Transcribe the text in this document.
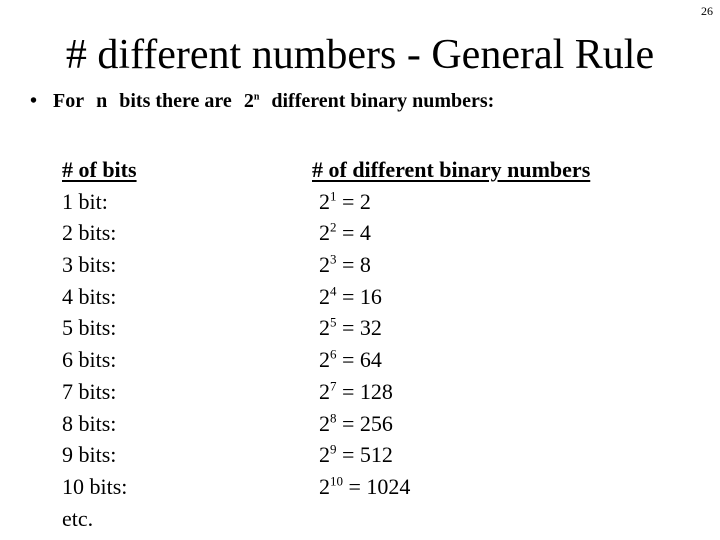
26
# different numbers - General Rule
• For n bits there are 2$^n$ different binary numbers:
# of bits
1 bit:
2 bits:
3 bits:
4 bits:
5 bits:
6 bits:
7 bits:
8 bits:
9 bits:
10 bits:
etc.
# of different binary numbers
$2^1 = 2$
$2^2 = 4$
$2^3 = 8$
$2^4 = 16$
$2^5 = 32$
$2^6 = 64$
$2^7 = 128$
$2^8 = 256$
$2^9 = 512$
$2^{10} = 1024$
